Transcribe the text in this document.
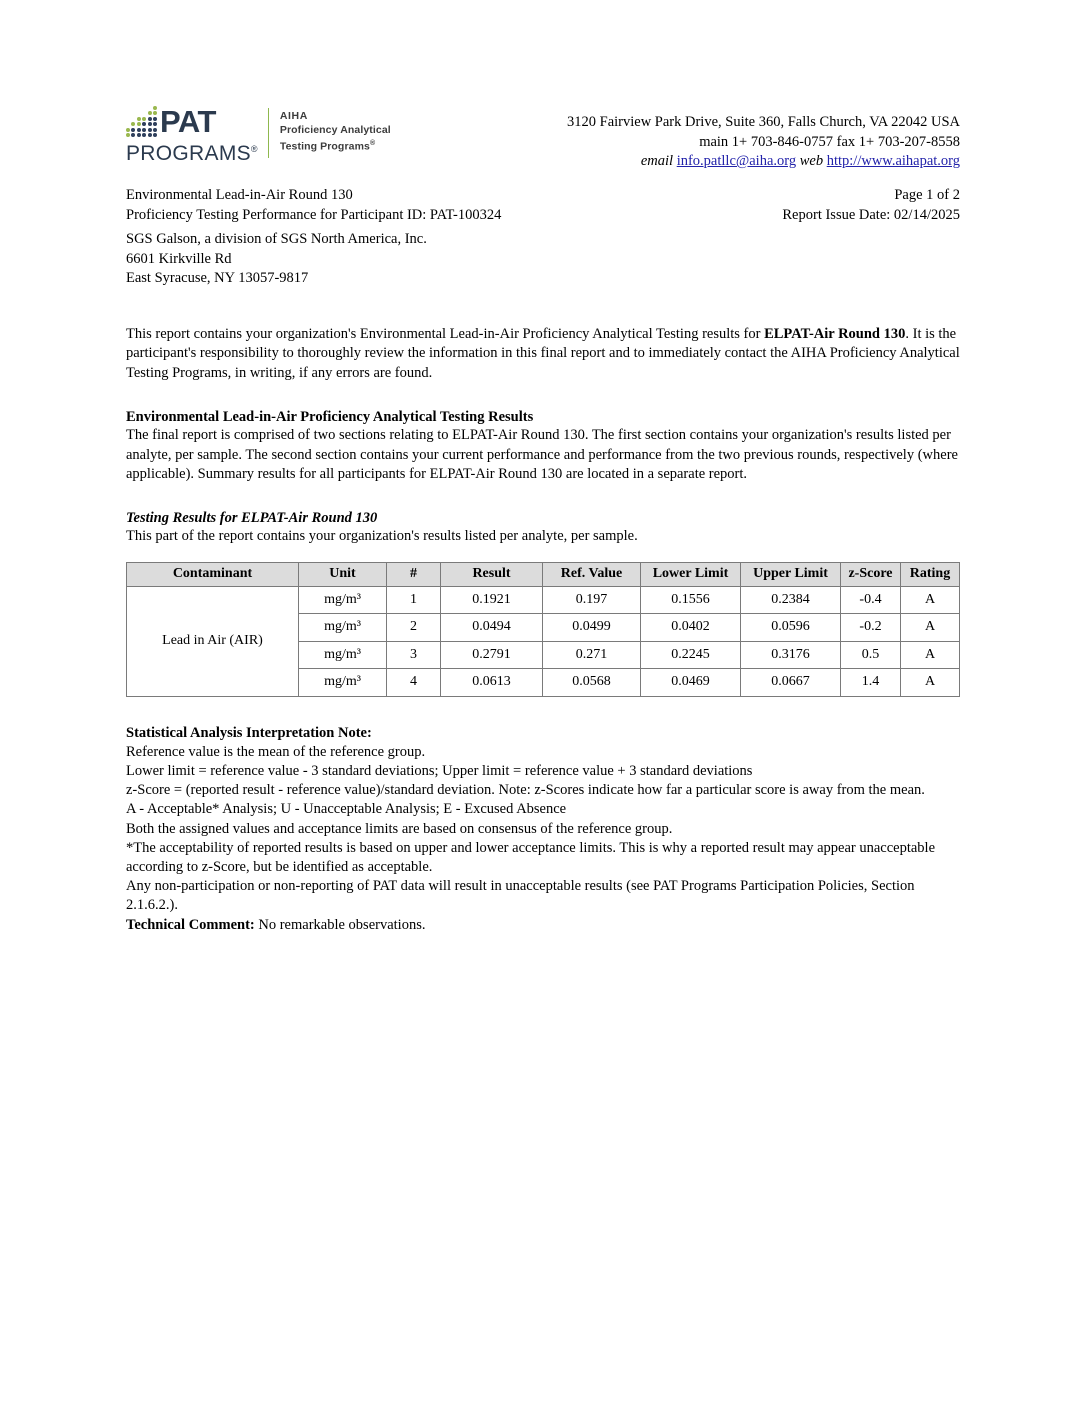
PAT
PROGRAMS®
AIHA
Proficiency Analytical
Testing Programs®
3120 Fairview Park Drive, Suite 360, Falls Church, VA 22042 USA
main 1+ 703-846-0757 fax 1+ 703-207-8558
email info.patllc@aiha.org web http://www.aihapat.org
Page 1 of 2
Report Issue Date: 02/14/2025
Environmental Lead-in-Air Round 130
Proficiency Testing Performance for Participant ID: PAT-100324
SGS Galson, a division of SGS North America, Inc.
6601 Kirkville Rd
East Syracuse, NY 13057-9817

This report contains your organization's Environmental Lead-in-Air Proficiency Analytical Testing results for ELPAT-Air Round 130. It is the participant's responsibility to thoroughly review the information in this final report and to immediately contact the AIHA Proficiency Analytical Testing Programs, in writing, if any errors are found.

Environmental Lead-in-Air Proficiency Analytical Testing Results

The final report is comprised of two sections relating to ELPAT-Air Round 130. The first section contains your organization's results listed per analyte, per sample. The second section contains your current performance and performance from the two previous rounds, respectively (where applicable). Summary results for all participants for ELPAT-Air Round 130 are located in a separate report.

Testing Results for ELPAT-Air Round 130

This part of the report contains your organization's results listed per analyte, per sample.

Contaminant	Unit	#	Result	Ref. Value	Lower Limit	Upper Limit	z-Score	Rating
Lead in Air (AIR)	mg/m³	1	0.1921	0.197	0.1556	0.2384	-0.4	A
	mg/m³	2	0.0494	0.0499	0.0402	0.0596	-0.2	A
	mg/m³	3	0.2791	0.271	0.2245	0.3176	0.5	A
	mg/m³	4	0.0613	0.0568	0.0469	0.0667	1.4	A
Statistical Analysis Interpretation Note:
Reference value is the mean of the reference group.
Lower limit = reference value - 3 standard deviations; Upper limit = reference value + 3 standard deviations
z-Score = (reported result - reference value)/standard deviation. Note: z-Scores indicate how far a particular score is away from the mean.
A - Acceptable* Analysis; U - Unacceptable Analysis; E - Excused Absence
Both the assigned values and acceptance limits are based on consensus of the reference group.
*The acceptability of reported results is based on upper and lower acceptance limits. This is why a reported result may appear unacceptable according to z-Score, but be identified as acceptable.
Any non-participation or non-reporting of PAT data will result in unacceptable results (see PAT Programs Participation Policies, Section 2.1.6.2.).
Technical Comment: No remarkable observations.
